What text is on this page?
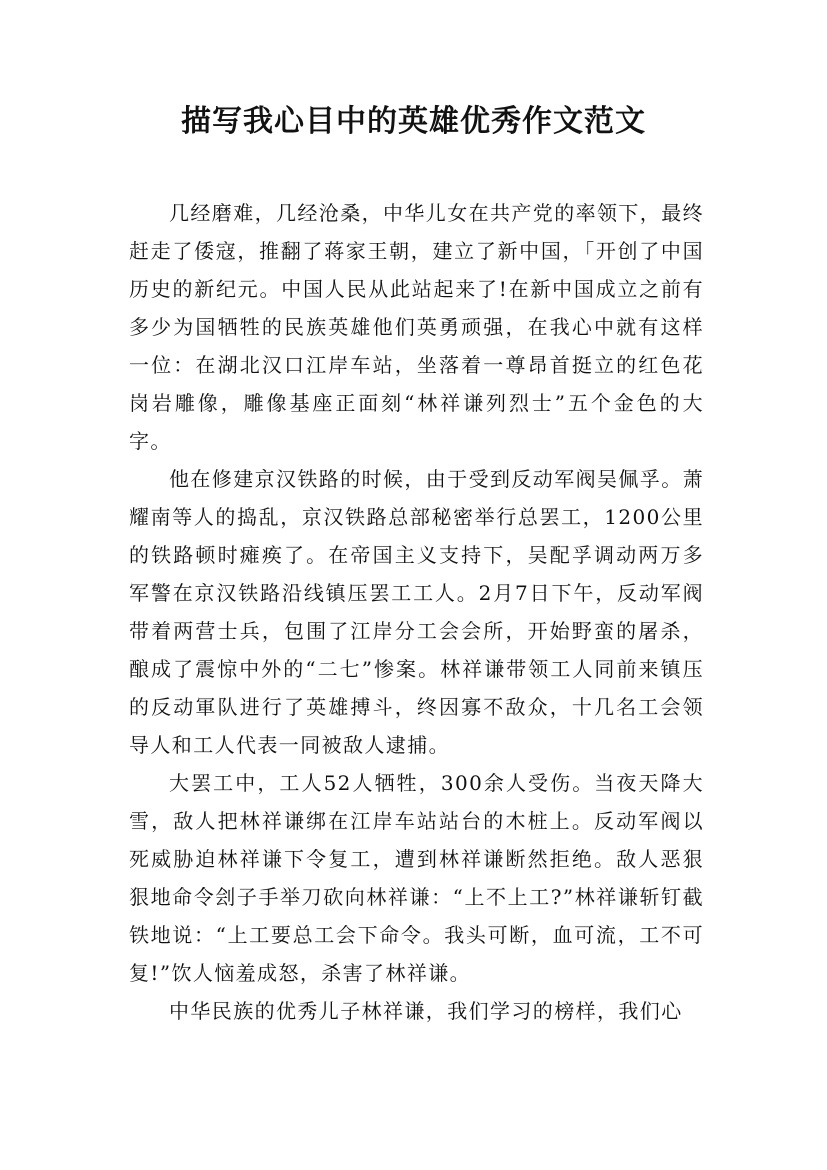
描写我心目中的英雄优秀作文范文

几经磨难，几经沧桑，中华儿女在共产党的率领下，最终赶走了倭寇，推翻了蒋家王朝，建立了新中国，「开创了中国历史的新纪元。中国人民从此站起来了!在新中国成立之前有多少为国牺牲的民族英雄他们英勇顽强，在我心中就有这样一位：在湖北汉口江岸车站，坐落着一尊昂首挺立的红色花岗岩雕像，雕像基座正面刻“林祥谦列烈士”五个金色的大字。

他在修建京汉铁路的时候，由于受到反动军阀吴佩孚。萧耀南等人的捣乱，京汉铁路总部秘密举行总罢工，1200公里的铁路顿时瘫痪了。在帝国主义支持下，吴配孚调动两万多军警在京汉铁路沿线镇压罢工工人。2月7日下午，反动军阀带着两营士兵，包围了江岸分工会会所，开始野蛮的屠杀，酿成了震惊中外的“二七”惨案。林祥谦带领工人同前来镇压的反动軍队进行了英雄搏斗，终因寡不敌众，十几名工会领导人和工人代表一同被敌人逮捕。

大罢工中，工人52人牺牲，300余人受伤。当夜天降大雪，敌人把林祥谦绑在江岸车站站台的木桩上。反动军阀以死威胁迫林祥谦下令复工，遭到林祥谦断然拒绝。敌人恶狠狠地命令刽子手举刀砍向林祥谦：“上不上工?”林祥谦斩钉截铁地说：“上工要总工会下命令。我头可断，血可流，工不可复!”饮人恼羞成怒，杀害了林祥谦。

中华民族的优秀儿子林祥谦，我们学习的榜样，我们心
